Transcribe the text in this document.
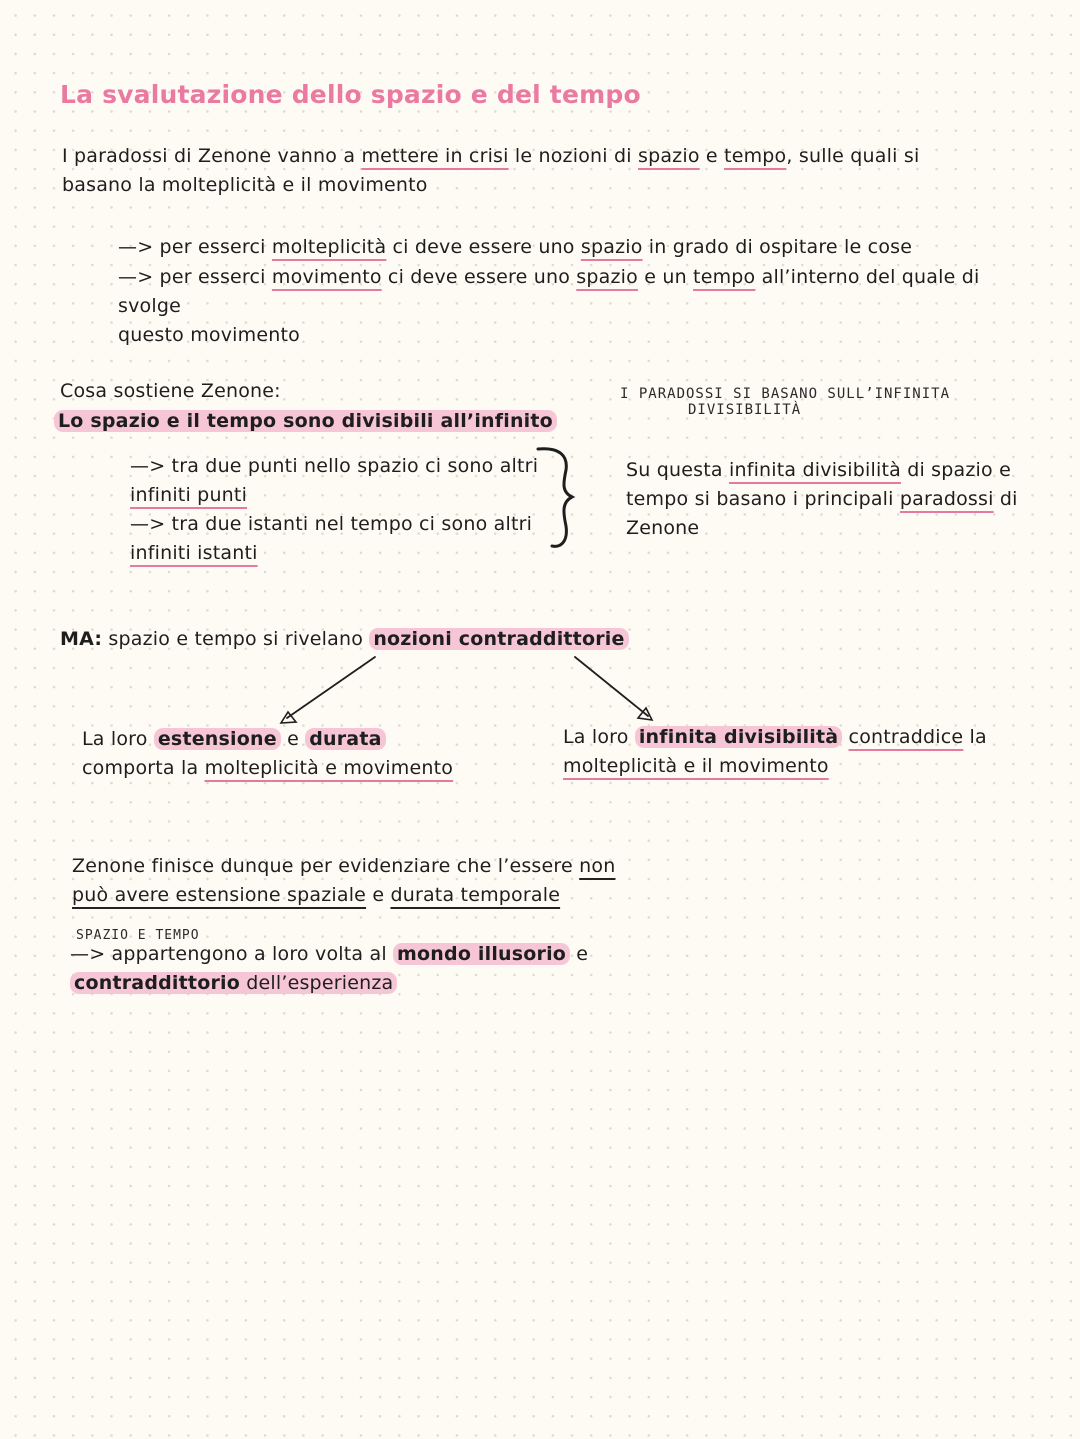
La svalutazione dello spazio e del tempo
I paradossi di Zenone vanno a mettere in crisi le nozioni di spazio e tempo, sulle quali si
basano la molteplicità e il movimento
—> per esserci molteplicità ci deve essere uno spazio in grado di ospitare le cose
—> per esserci movimento ci deve essere uno spazio e un tempo all’interno del quale di svolge
questo movimento
Cosa sostiene Zenone:
Lo spazio e il tempo sono divisibili all’infinito
I PARADOSSI SI BASANO SULL’INFINITA
DIVISIBILITÀ
—> tra due punti nello spazio ci sono altri
infiniti punti
—> tra due istanti nel tempo ci sono altri
infiniti istanti
Su questa infinita divisibilità di spazio e
tempo si basano i principali paradossi di
Zenone
MA: spazio e tempo si rivelano nozioni contraddittorie
La loro estensione e durata
comporta la molteplicità e movimento
La loro infinita divisibilità contraddice la
molteplicità e il movimento
Zenone finisce dunque per evidenziare che l’essere non
può avere estensione spaziale e durata temporale
SPAZIO E TEMPO
—> appartengono a loro volta al mondo illusorio e
contraddittorio dell’esperienza
